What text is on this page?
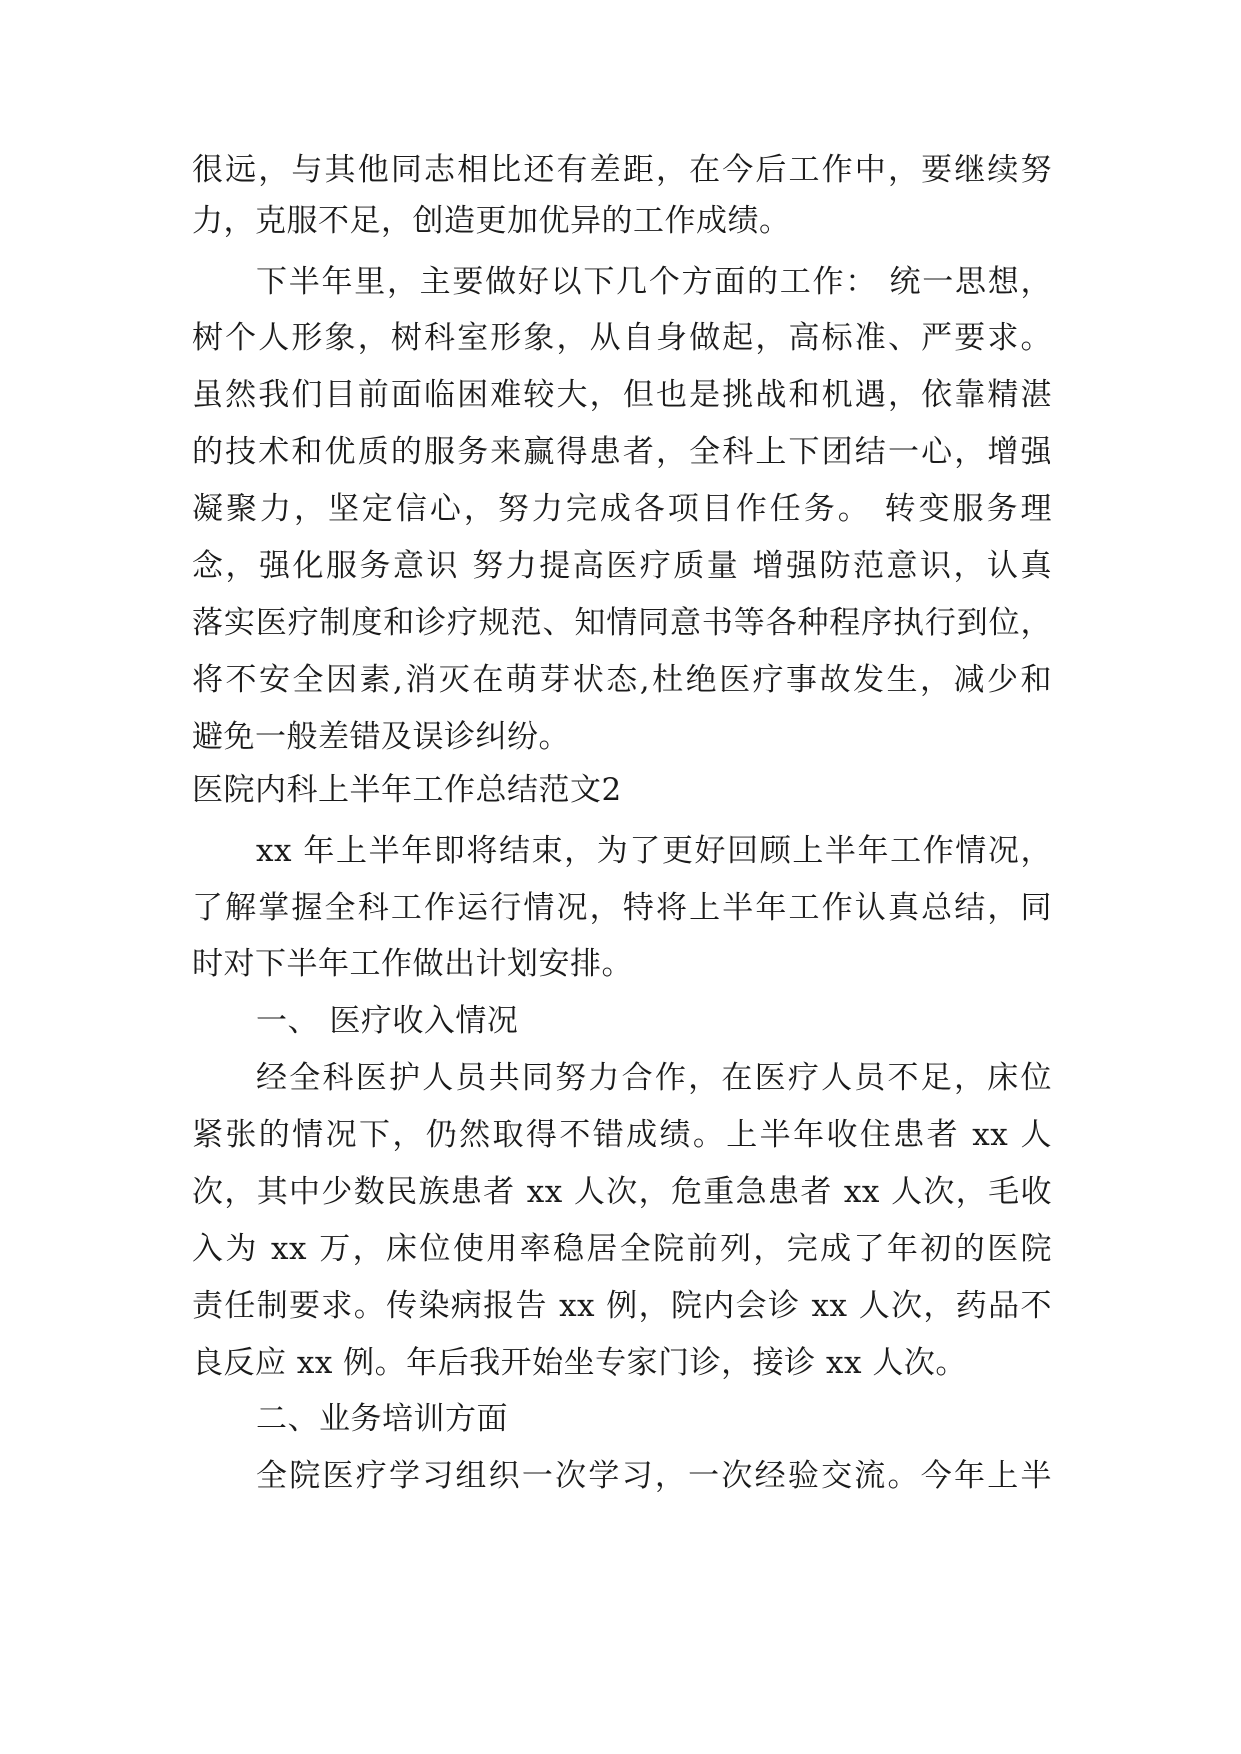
很远，与其他同志相比还有差距，在今后工作中，要继续努
力，克服不足，创造更加优异的工作成绩。
下半年里，主要做好以下几个方面的工作： 统一思想，
树个人形象，树科室形象，从自身做起，高标准、严要求。
虽然我们目前面临困难较大，但也是挑战和机遇，依靠精湛
的技术和优质的服务来赢得患者，全科上下团结一心，增强
凝聚力，坚定信心，努力完成各项目作任务。 转变服务理
念，强化服务意识 努力提高医疗质量 增强防范意识，认真
落实医疗制度和诊疗规范、知情同意书等各种程序执行到位，
将不安全因素,消灭在萌芽状态,杜绝医疗事故发生，减少和
避免一般差错及误诊纠纷。
医院内科上半年工作总结范文2
xx 年上半年即将结束，为了更好回顾上半年工作情况，
了解掌握全科工作运行情况，特将上半年工作认真总结，同
时对下半年工作做出计划安排。
一、 医疗收入情况
经全科医护人员共同努力合作，在医疗人员不足，床位
紧张的情况下，仍然取得不错成绩。上半年收住患者 xx 人
次，其中少数民族患者 xx 人次，危重急患者 xx 人次，毛收
入为 xx 万，床位使用率稳居全院前列，完成了年初的医院
责任制要求。传染病报告 xx 例，院内会诊 xx 人次，药品不
良反应 xx 例。年后我开始坐专家门诊，接诊 xx 人次。
二、业务培训方面
全院医疗学习组织一次学习，一次经验交流。今年上半
